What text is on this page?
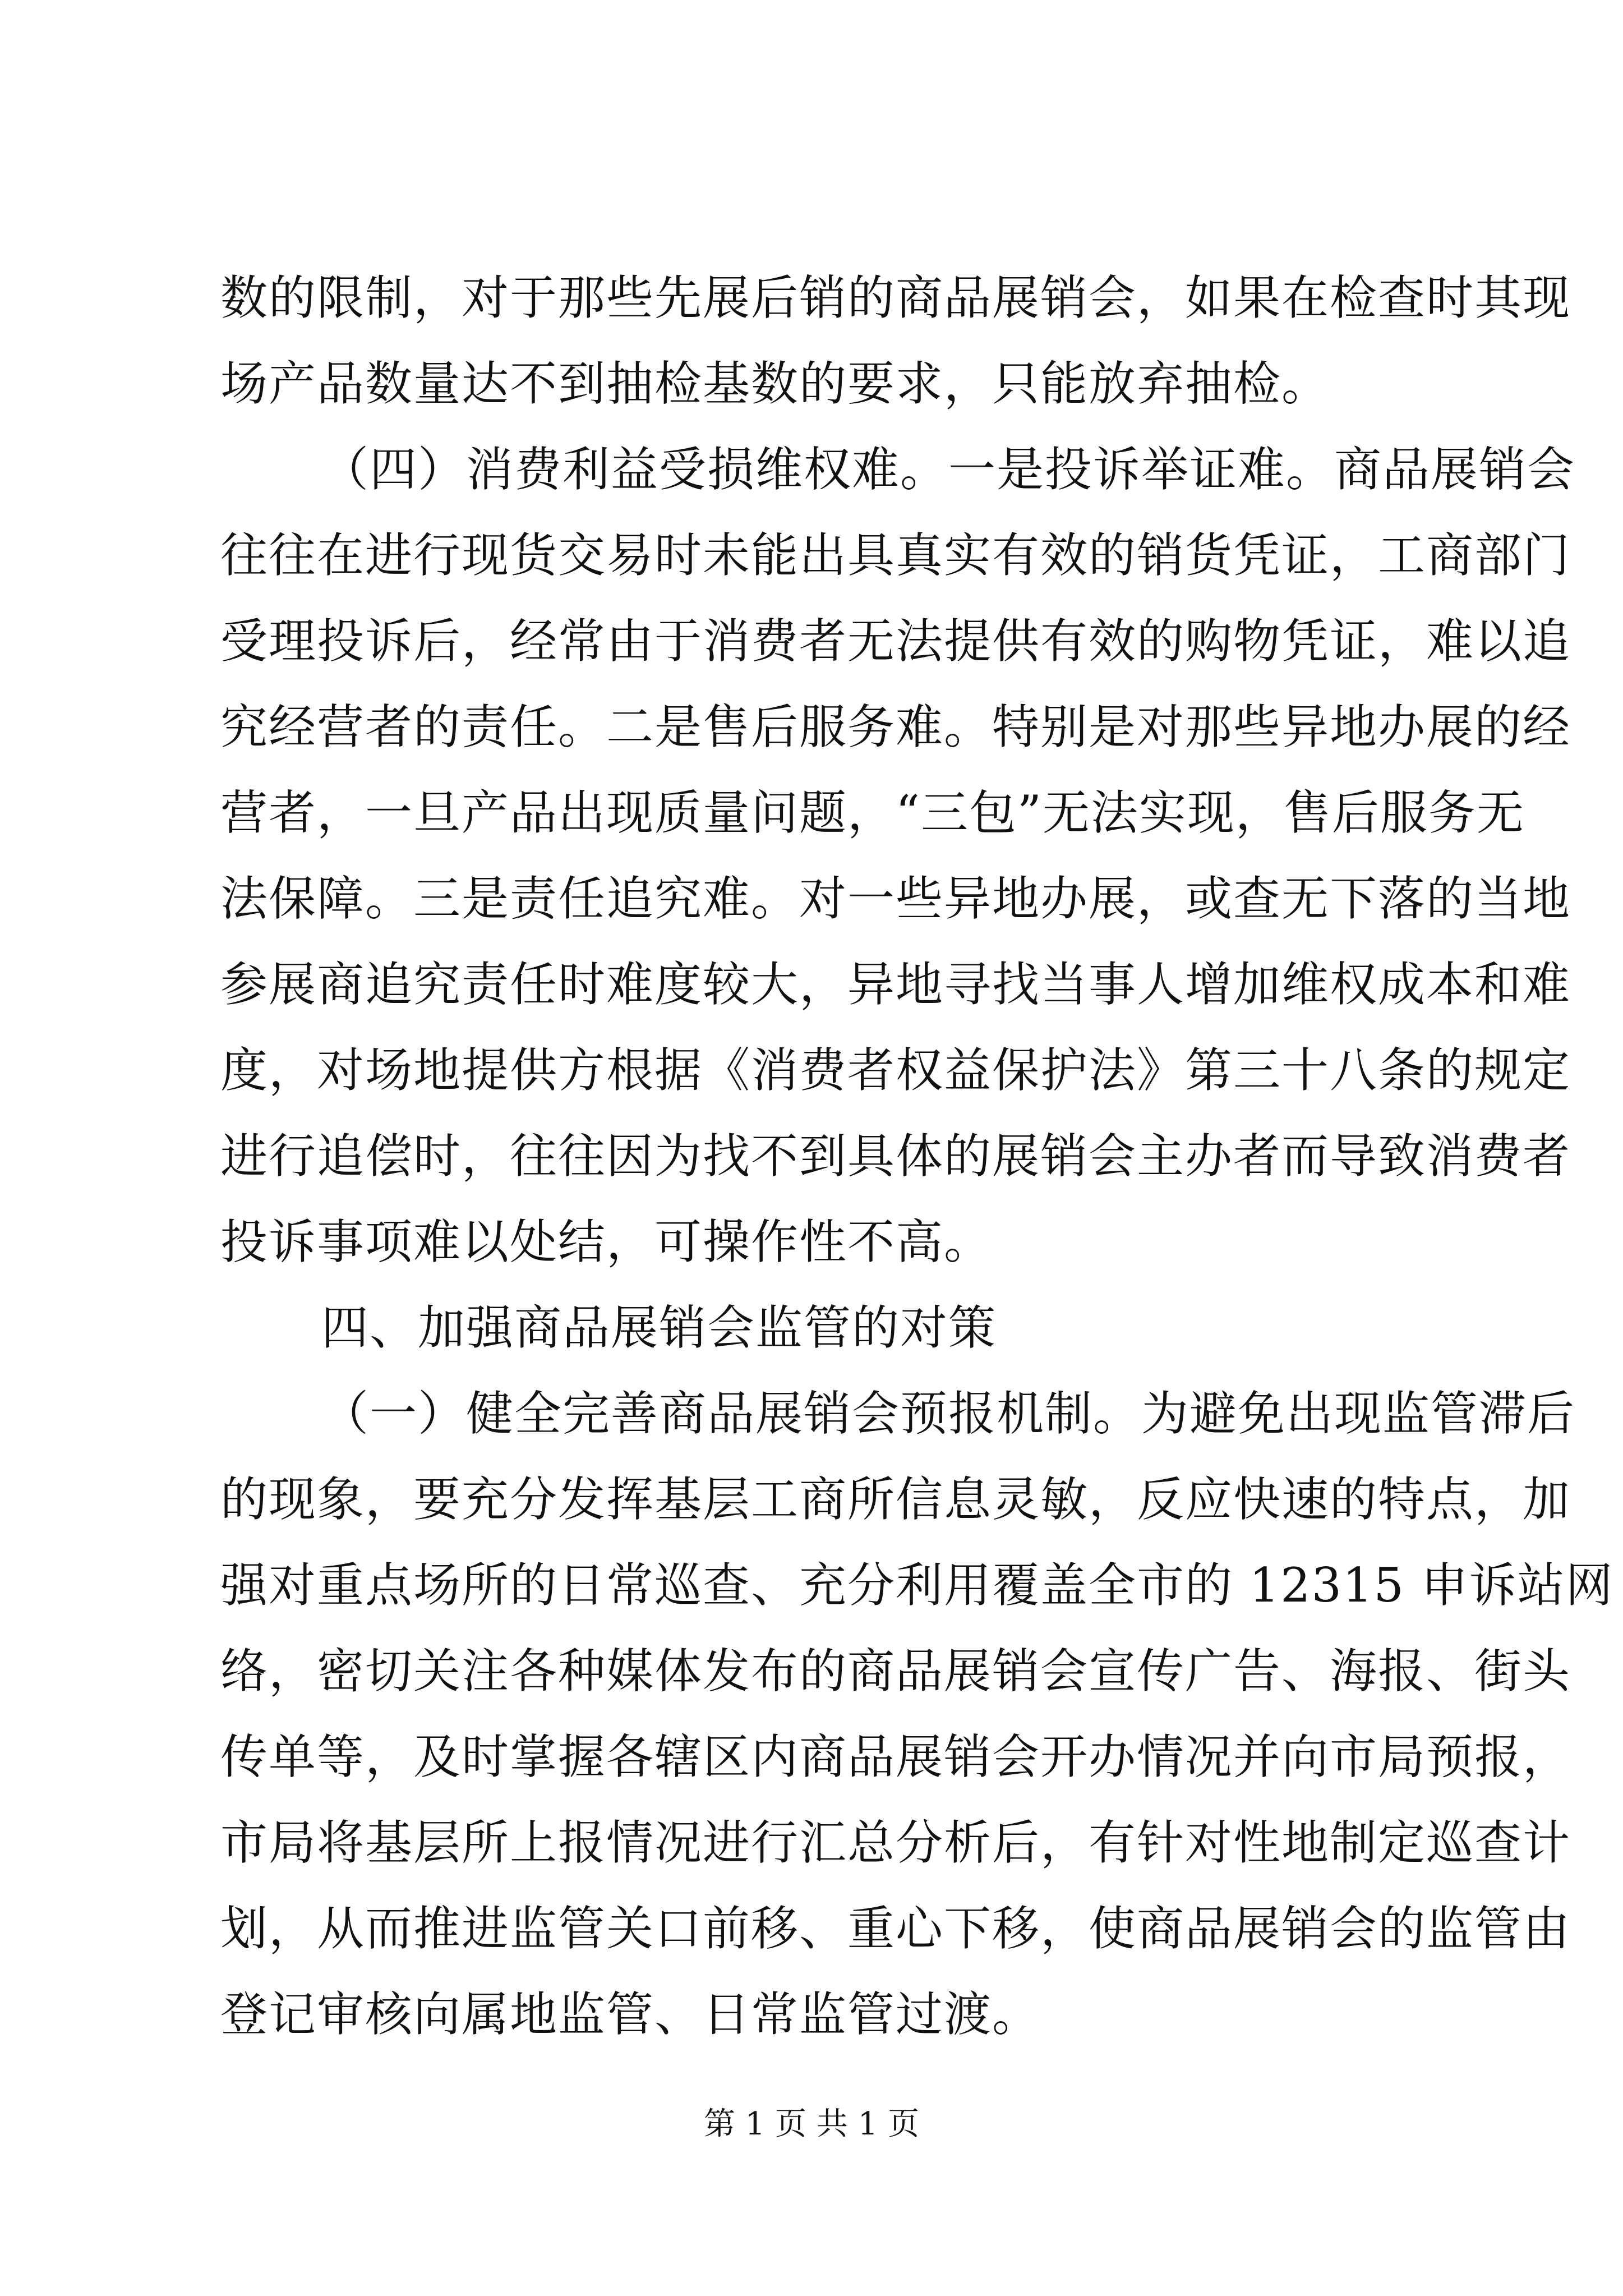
数的限制，对于那些先展后销的商品展销会，如果在检查时其现
场产品数量达不到抽检基数的要求，只能放弃抽检。
（四）消费利益受损维权难。一是投诉举证难。商品展销会
往往在进行现货交易时未能出具真实有效的销货凭证，工商部门
受理投诉后，经常由于消费者无法提供有效的购物凭证，难以追
究经营者的责任。二是售后服务难。特别是对那些异地办展的经
营者，一旦产品出现质量问题，“三包”无法实现，售后服务无
法保障。三是责任追究难。对一些异地办展，或查无下落的当地
参展商追究责任时难度较大，异地寻找当事人增加维权成本和难
度，对场地提供方根据《消费者权益保护法》第三十八条的规定
进行追偿时，往往因为找不到具体的展销会主办者而导致消费者
投诉事项难以处结，可操作性不高。
四、加强商品展销会监管的对策
（一）健全完善商品展销会预报机制。为避免出现监管滞后
的现象，要充分发挥基层工商所信息灵敏，反应快速的特点，加
强对重点场所的日常巡查、充分利用覆盖全市的 12315 申诉站网
络，密切关注各种媒体发布的商品展销会宣传广告、海报、街头
传单等，及时掌握各辖区内商品展销会开办情况并向市局预报，
市局将基层所上报情况进行汇总分析后，有针对性地制定巡查计
划，从而推进监管关口前移、重心下移，使商品展销会的监管由
登记审核向属地监管、日常监管过渡。
第 1 页 共 1 页
